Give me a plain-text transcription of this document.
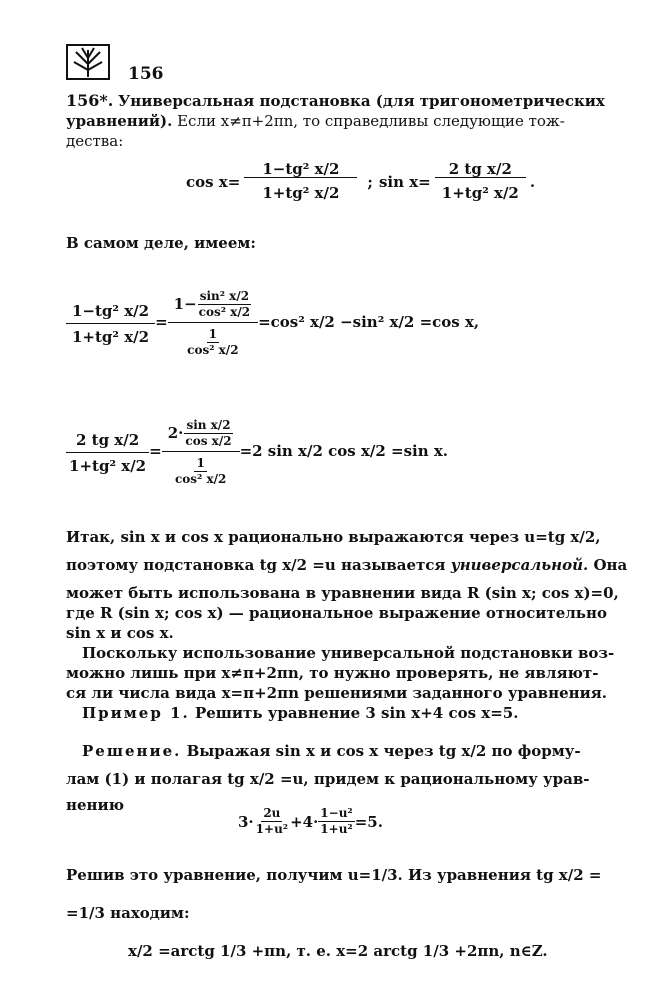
156
156*. Универсальная подстановка (для тригонометрических
уравнений). Если x≠π+2πn, то справедливы следующие тож-
дества:
$\cos x= \frac{\text{1−tg² x/2}}{\text{1+tg² x/2}}$ ; $\sin x= \frac{\text{2 tg x/2}}{\text{1+tg² x/2}}$ .
В самом деле, имеем:
$\frac{\text{1−tg² x/2}}{\text{1+tg² x/2}} = \frac{1- \frac{\text{sin² x/2}}{\text{cos² x/2}}}{\frac{1}{\text{cos² x/2}}} =\cos^2$ x/2 −sin² x/2 =cos x,
$\frac{\text{2 tg x/2}}{\text{1+tg² x/2}} = \frac{2\cdot \frac{\text{sin x/2}}{\text{cos x/2}}}{\frac{1}{\text{cos² x/2}}} =2$ sin x/2 cos x/2 =sin x.
Итак, sin x и cos x рационально выражаются через u=tg x/2,
поэтому подстановка tg x/2 =u называется универсальной. Она
может быть использована в уравнении вида R (sin x; cos x)=0,
где R (sin x; cos x) — рациональное выражение относительно
sin x и cos x.
Поскольку использование универсальной подстановки воз-
можно лишь при x≠π+2πn, то нужно проверять, не являют-
ся ли числа вида x=π+2πn решениями заданного уравнения.
Пример 1. Решить уравнение 3 sin x+4 cos x=5.
Решение. Выражая sin x и cos x через tg x/2 по форму-
лам (1) и полагая tg x/2 =u, придем к рациональному урав-
нению
$3\cdot \frac{2u}{\text{1+u²}} +4\cdot \frac{\text{1−u²}}{\text{1+u²}} =5$.
Решив это уравнение, получим u=1/3. Из уравнения tg x/2 =
=1/3 находим:
x/2 =arctg 1/3 +πn, т. е. x=2 arctg 1/3 +2πn, n∈Z.
